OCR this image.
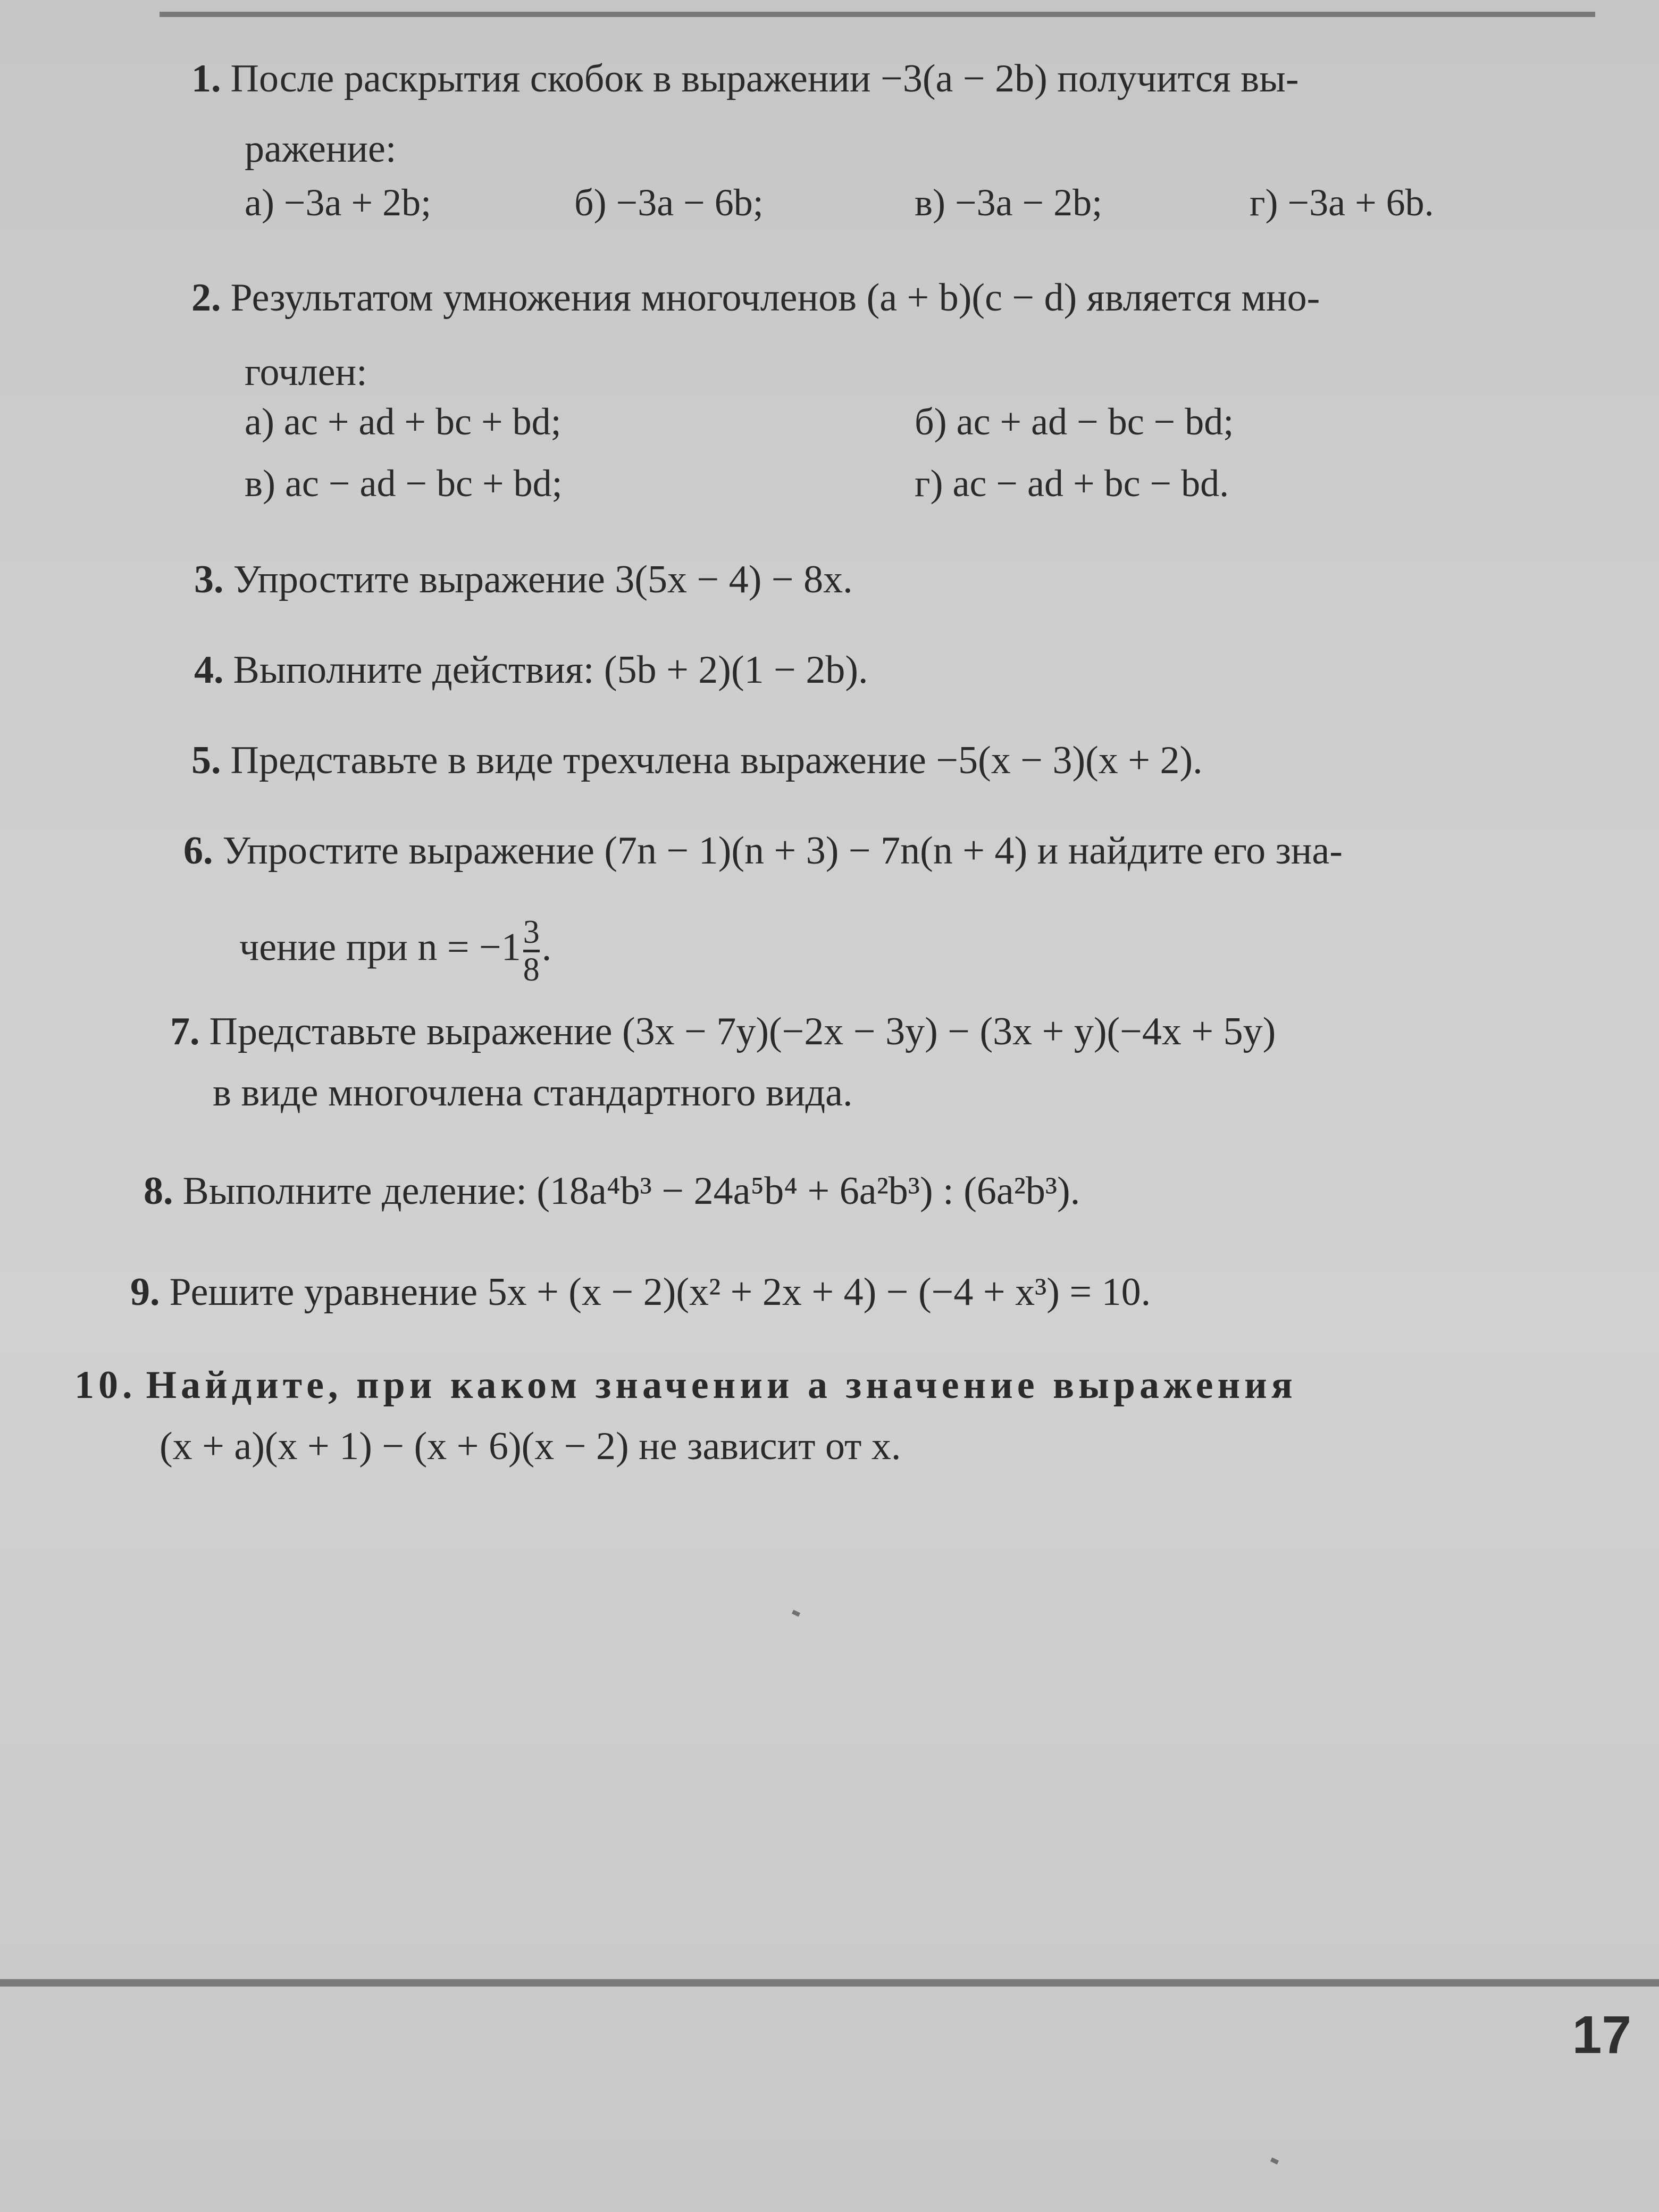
1. После раскрытия скобок в выражении −3(a − 2b) получится вы-
ражение:
а) −3a + 2b;	б) −3a − 6b;	в) −3a − 2b;	г) −3a + 6b.
2. Результатом умножения многочленов (a + b)(c − d) является мно-
гочлен:
а) ac + ad + bc + bd;	б) ac + ad − bc − bd;
в) ac − ad − bc + bd;	г) ac − ad + bc − bd.
3. Упростите выражение 3(5x − 4) − 8x.
4. Выполните действия: (5b + 2)(1 − 2b).
5. Представьте в виде трехчлена выражение −5(x − 3)(x + 2).
6. Упростите выражение (7n − 1)(n + 3) − 7n(n + 4) и найдите его зна-
чение при $n = -1\frac{3}{8}$ .
7. Представьте выражение (3x − 7y)(−2x − 3y) − (3x + y)(−4x + 5y)
в виде многочлена стандартного вида.
8. Выполните деление: (18a⁴b³ − 24a⁵b⁴ + 6a²b³) : (6a²b³).
9. Решите уравнение 5x + (x − 2)(x² + 2x + 4) − (−4 + x³) = 10.
10. Найдите, при каком значении a значение выражения
(x + a)(x + 1) − (x + 6)(x − 2) не зависит от x.
17
